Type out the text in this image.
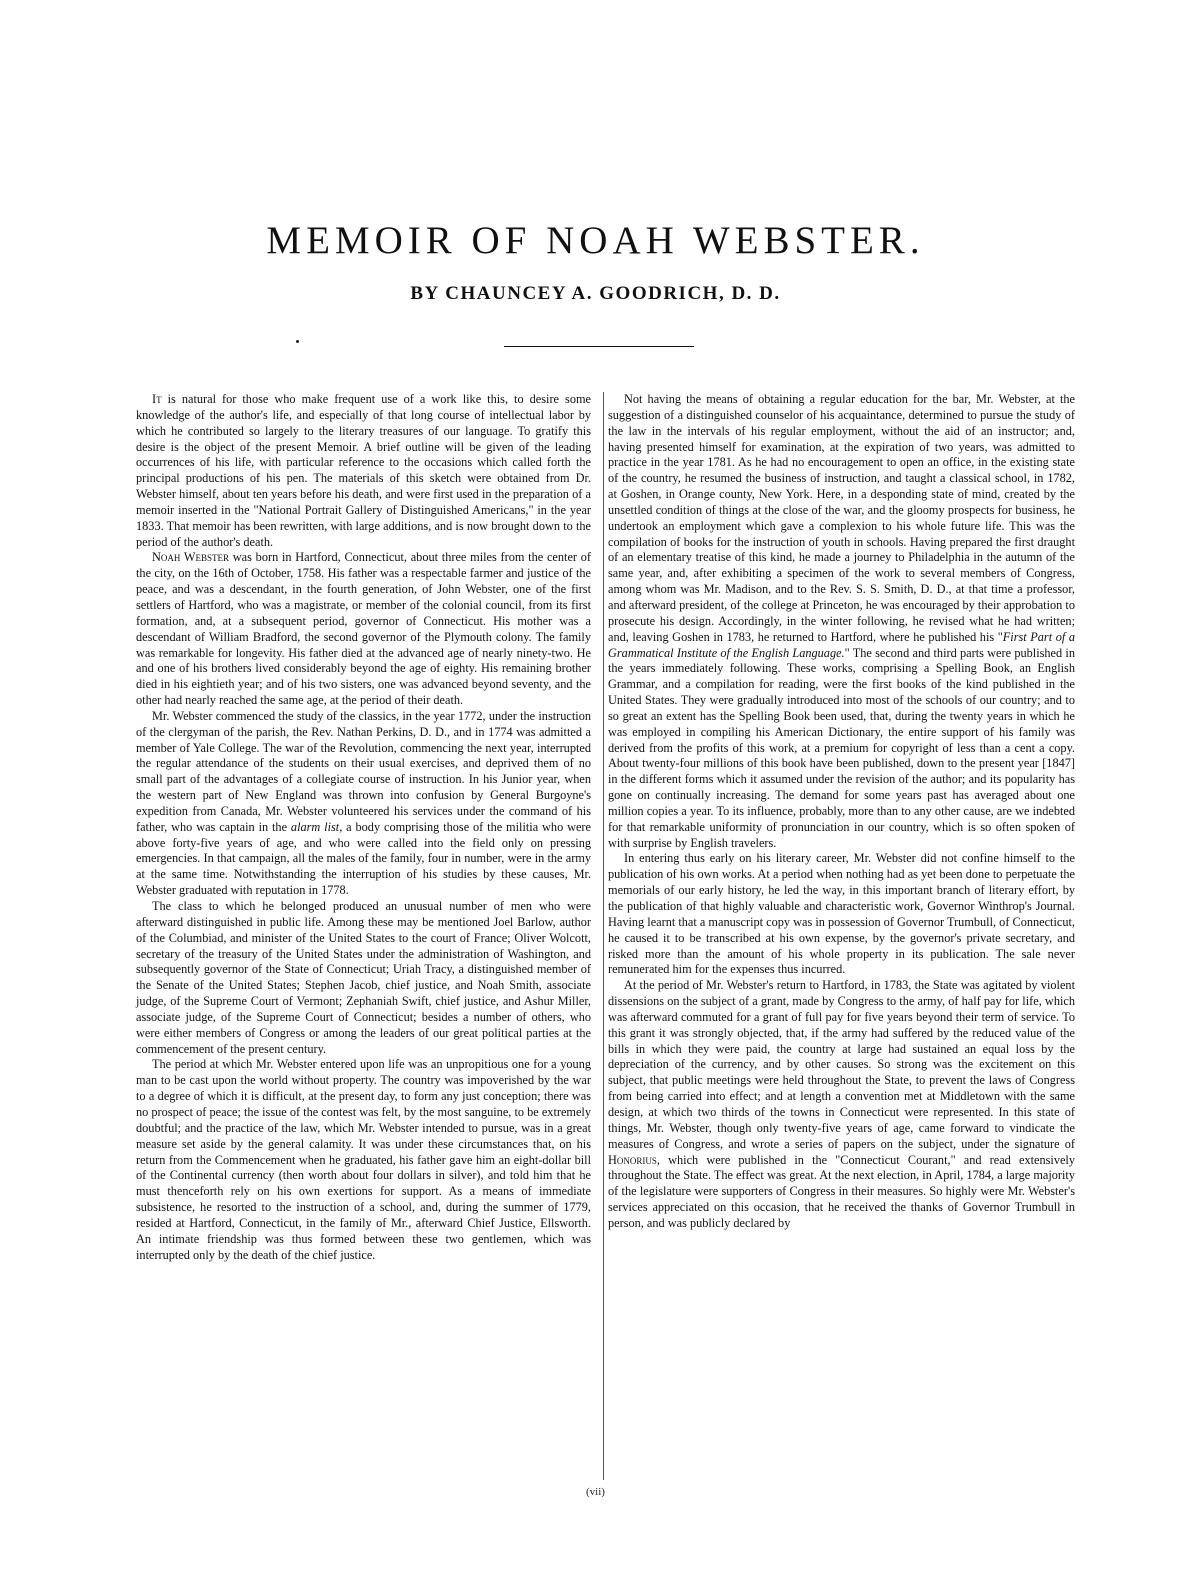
MEMOIR OF NOAH WEBSTER.
BY CHAUNCEY A. GOODRICH, D. D.

It is natural for those who make frequent use of a work like this, to desire some knowledge of the author's life, and especially of that long course of intellectual labor by which he contributed so largely to the literary treasures of our language. To gratify this desire is the object of the present Memoir. A brief outline will be given of the leading occurrences of his life, with particular reference to the occasions which called forth the principal productions of his pen. The materials of this sketch were obtained from Dr. Webster himself, about ten years before his death, and were first used in the preparation of a memoir inserted in the "National Portrait Gallery of Distinguished Americans," in the year 1833. That memoir has been rewritten, with large additions, and is now brought down to the period of the author's death.

Noah Webster was born in Hartford, Connecticut, about three miles from the center of the city, on the 16th of October, 1758. His father was a respectable farmer and justice of the peace, and was a descendant, in the fourth generation, of John Webster, one of the first settlers of Hartford, who was a magistrate, or member of the colonial council, from its first formation, and, at a subsequent period, governor of Connecticut. His mother was a descendant of William Bradford, the second governor of the Plymouth colony. The family was remarkable for longevity. His father died at the advanced age of nearly ninety-two. He and one of his brothers lived considerably beyond the age of eighty. His remaining brother died in his eightieth year; and of his two sisters, one was advanced beyond seventy, and the other had nearly reached the same age, at the period of their death.

Mr. Webster commenced the study of the classics, in the year 1772, under the instruction of the clergyman of the parish, the Rev. Nathan Perkins, D. D., and in 1774 was admitted a member of Yale College. The war of the Revolution, commencing the next year, interrupted the regular attendance of the students on their usual exercises, and deprived them of no small part of the advantages of a collegiate course of instruction. In his Junior year, when the western part of New England was thrown into confusion by General Burgoyne's expedition from Canada, Mr. Webster volunteered his services under the command of his father, who was captain in the alarm list, a body comprising those of the militia who were above forty-five years of age, and who were called into the field only on pressing emergencies. In that campaign, all the males of the family, four in number, were in the army at the same time. Notwithstanding the interruption of his studies by these causes, Mr. Webster graduated with reputation in 1778.

The class to which he belonged produced an unusual number of men who were afterward distinguished in public life. Among these may be mentioned Joel Barlow, author of the Columbiad, and minister of the United States to the court of France; Oliver Wolcott, secretary of the treasury of the United States under the administration of Washington, and subsequently governor of the State of Connecticut; Uriah Tracy, a distinguished member of the Senate of the United States; Stephen Jacob, chief justice, and Noah Smith, associate judge, of the Supreme Court of Vermont; Zephaniah Swift, chief justice, and Ashur Miller, associate judge, of the Supreme Court of Connecticut; besides a number of others, who were either members of Congress or among the leaders of our great political parties at the commencement of the present century.

The period at which Mr. Webster entered upon life was an unpropitious one for a young man to be cast upon the world without property. The country was impoverished by the war to a degree of which it is difficult, at the present day, to form any just conception; there was no prospect of peace; the issue of the contest was felt, by the most sanguine, to be extremely doubtful; and the practice of the law, which Mr. Webster intended to pursue, was in a great measure set aside by the general calamity. It was under these circumstances that, on his return from the Commencement when he graduated, his father gave him an eight-dollar bill of the Continental currency (then worth about four dollars in silver), and told him that he must thenceforth rely on his own exertions for support. As a means of immediate subsistence, he resorted to the instruction of a school, and, during the summer of 1779, resided at Hartford, Connecticut, in the family of Mr., afterward Chief Justice, Ellsworth. An intimate friendship was thus formed between these two gentlemen, which was interrupted only by the death of the chief justice.

Not having the means of obtaining a regular education for the bar, Mr. Webster, at the suggestion of a distinguished counselor of his acquaintance, determined to pursue the study of the law in the intervals of his regular employment, without the aid of an instructor; and, having presented himself for examination, at the expiration of two years, was admitted to practice in the year 1781. As he had no encouragement to open an office, in the existing state of the country, he resumed the business of instruction, and taught a classical school, in 1782, at Goshen, in Orange county, New York. Here, in a desponding state of mind, created by the unsettled condition of things at the close of the war, and the gloomy prospects for business, he undertook an employment which gave a complexion to his whole future life. This was the compilation of books for the instruction of youth in schools. Having prepared the first draught of an elementary treatise of this kind, he made a journey to Philadelphia in the autumn of the same year, and, after exhibiting a specimen of the work to several members of Congress, among whom was Mr. Madison, and to the Rev. S. S. Smith, D. D., at that time a professor, and afterward president, of the college at Princeton, he was encouraged by their approbation to prosecute his design. Accordingly, in the winter following, he revised what he had written; and, leaving Goshen in 1783, he returned to Hartford, where he published his "First Part of a Grammatical Institute of the English Language." The second and third parts were published in the years immediately following. These works, comprising a Spelling Book, an English Grammar, and a compilation for reading, were the first books of the kind published in the United States. They were gradually introduced into most of the schools of our country; and to so great an extent has the Spelling Book been used, that, during the twenty years in which he was employed in compiling his American Dictionary, the entire support of his family was derived from the profits of this work, at a premium for copyright of less than a cent a copy. About twenty-four millions of this book have been published, down to the present year [1847] in the different forms which it assumed under the revision of the author; and its popularity has gone on continually increasing. The demand for some years past has averaged about one million copies a year. To its influence, probably, more than to any other cause, are we indebted for that remarkable uniformity of pronunciation in our country, which is so often spoken of with surprise by English travelers.

In entering thus early on his literary career, Mr. Webster did not confine himself to the publication of his own works. At a period when nothing had as yet been done to perpetuate the memorials of our early history, he led the way, in this important branch of literary effort, by the publication of that highly valuable and characteristic work, Governor Winthrop's Journal. Having learnt that a manuscript copy was in possession of Governor Trumbull, of Connecticut, he caused it to be transcribed at his own expense, by the governor's private secretary, and risked more than the amount of his whole property in its publication. The sale never remunerated him for the expenses thus incurred.

At the period of Mr. Webster's return to Hartford, in 1783, the State was agitated by violent dissensions on the subject of a grant, made by Congress to the army, of half pay for life, which was afterward commuted for a grant of full pay for five years beyond their term of service. To this grant it was strongly objected, that, if the army had suffered by the reduced value of the bills in which they were paid, the country at large had sustained an equal loss by the depreciation of the currency, and by other causes. So strong was the excitement on this subject, that public meetings were held throughout the State, to prevent the laws of Congress from being carried into effect; and at length a convention met at Middletown with the same design, at which two thirds of the towns in Connecticut were represented. In this state of things, Mr. Webster, though only twenty-five years of age, came forward to vindicate the measures of Congress, and wrote a series of papers on the subject, under the signature of Honorius, which were published in the "Connecticut Courant," and read extensively throughout the State. The effect was great. At the next election, in April, 1784, a large majority of the legislature were supporters of Congress in their measures. So highly were Mr. Webster's services appreciated on this occasion, that he received the thanks of Governor Trumbull in person, and was publicly declared by

(vii)
